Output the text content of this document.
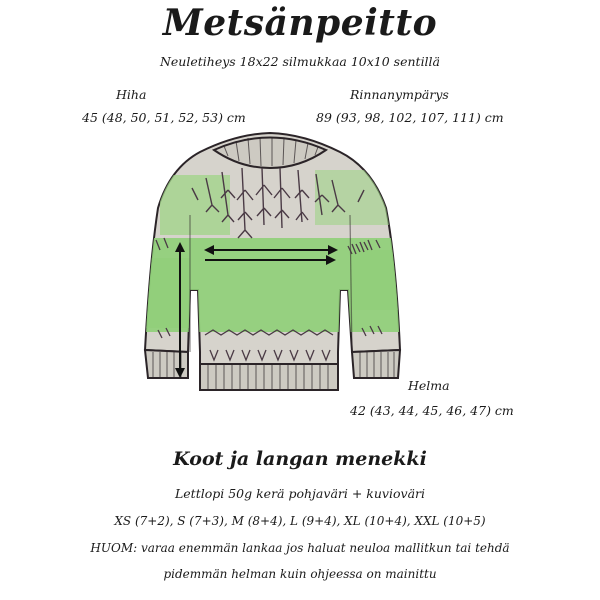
Metsänpeitto
Neuletiheys 18x22 silmukkaa 10x10 sentillä
Hiha
45 (48, 50, 51, 52, 53) cm
Rinnanympärys
89 (93, 98, 102, 107, 111) cm
Helma
42 (43, 44, 45, 46, 47) cm
Koot ja langan menekki
Lettlopi 50g kerä pohjaväri + kuvioväri
XS (7+2), S (7+3), M (8+4), L (9+4), XL (10+4), XXL (10+5)
HUOM: varaa enemmän lankaa jos haluat neuloa mallitkun tai tehdä
pidemmän helman kuin ohjeessa on mainittu
